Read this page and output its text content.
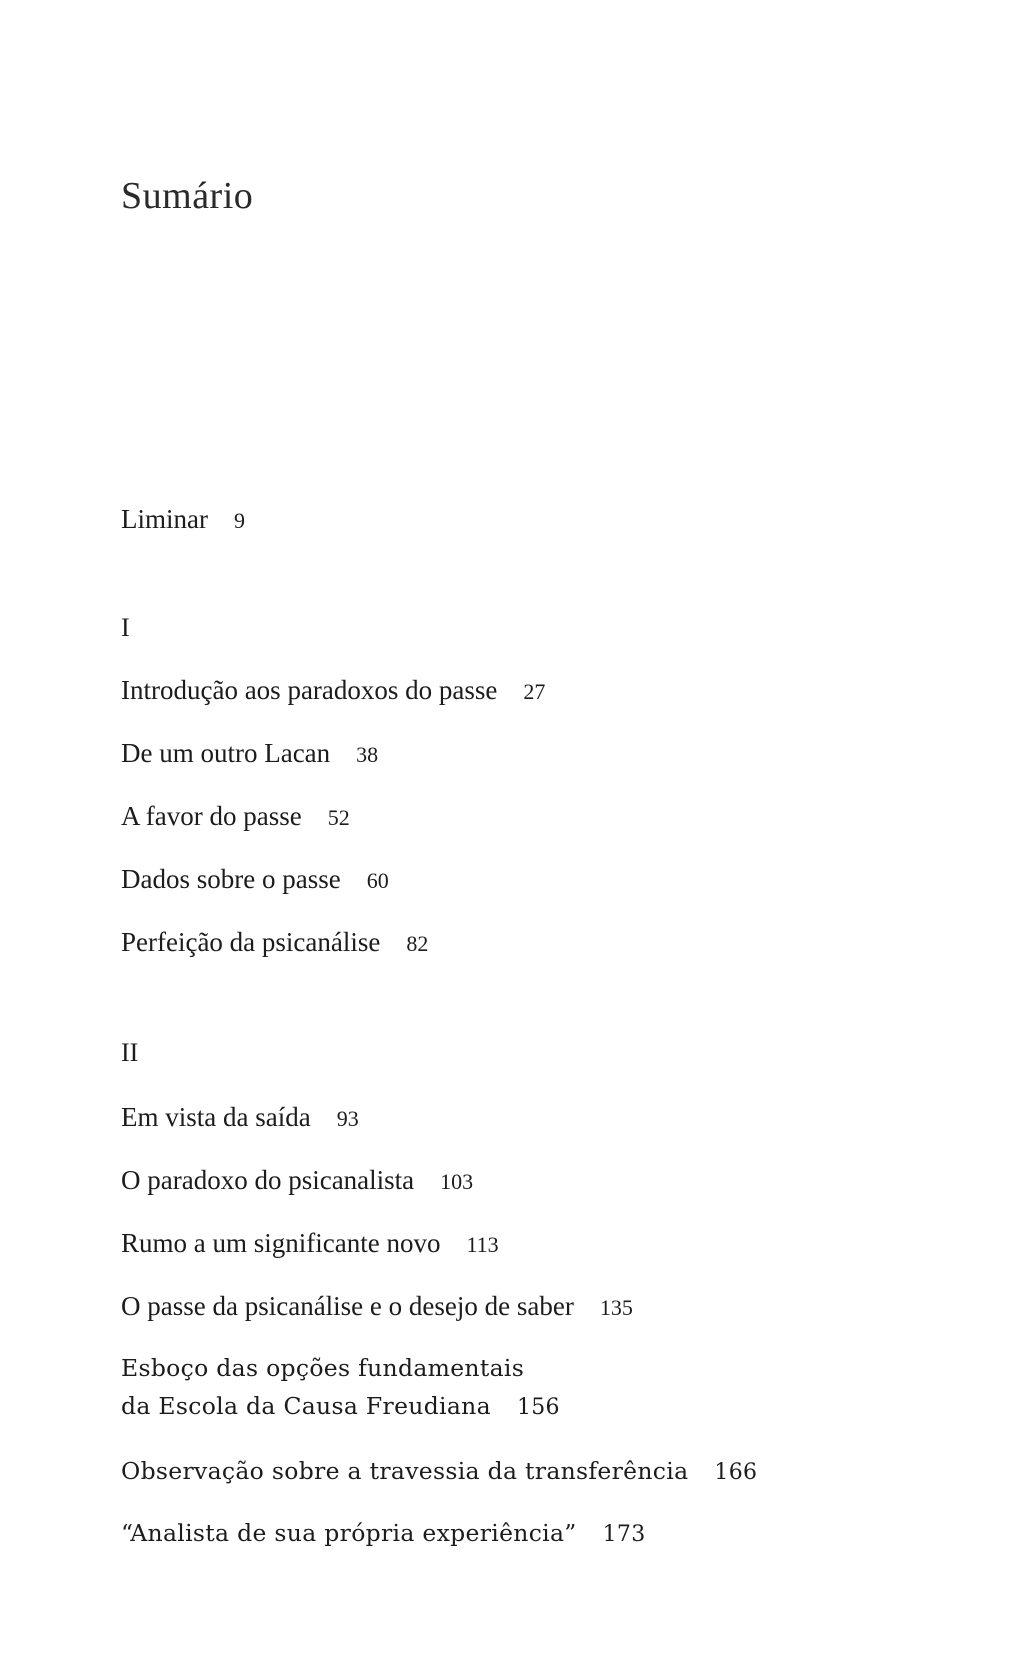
Sumário
Liminar 9
I
Introdução aos paradoxos do passe 27
De um outro Lacan 38
A favor do passe 52
Dados sobre o passe 60
Perfeição da psicanálise 82
II
Em vista da saída 93
O paradoxo do psicanalista 103
Rumo a um significante novo 113
O passe da psicanálise e o desejo de saber 135
Esboço das opções fundamentais
da Escola da Causa Freudiana 156
Observação sobre a travessia da transferência 166
“Analista de sua própria experiência” 173
